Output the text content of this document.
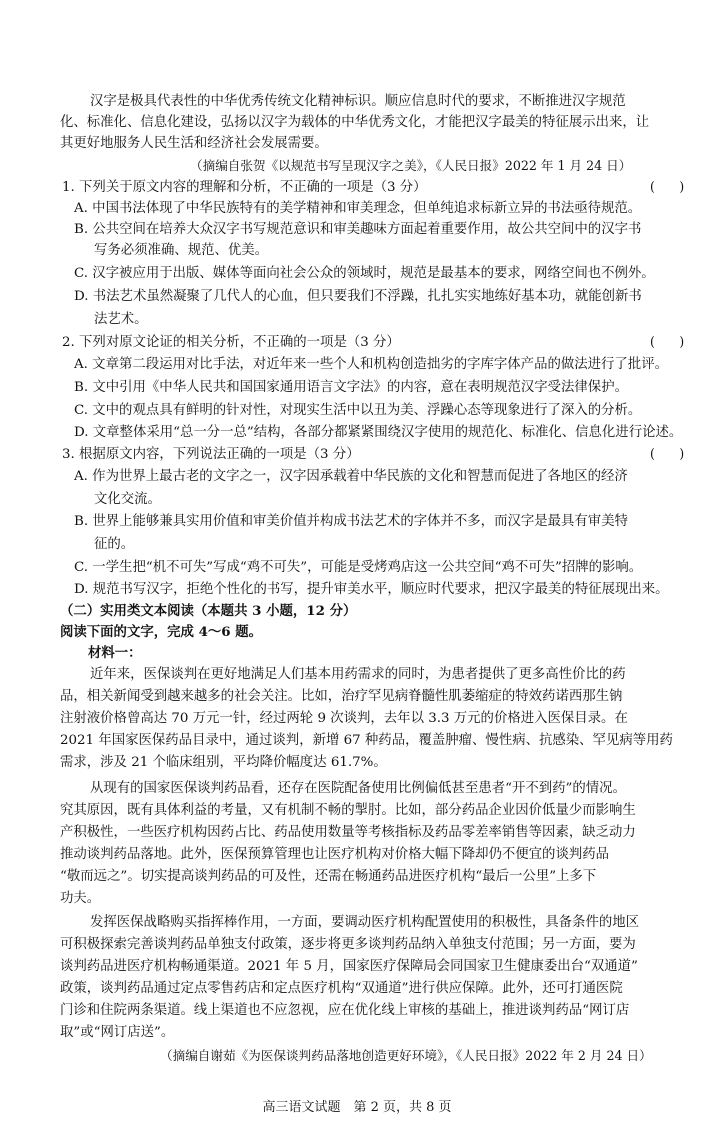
汉字是极具代表性的中华优秀传统文化精神标识。顺应信息时代的要求，不断推进汉字规范
化、标准化、信息化建设，弘扬以汉字为载体的中华优秀文化，才能把汉字最美的特征展示出来，让
其更好地服务人民生活和经济社会发展需要。
（摘编自张贺《以规范书写呈现汉字之美》，《人民日报》2022 年 1 月 24 日）
1. 下列关于原文内容的理解和分析，不正确的一项是（3 分）	(　　)
A. 中国书法体现了中华民族特有的美学精神和审美理念，但单纯追求标新立异的书法亟待规范。
B. 公共空间在培养大众汉字书写规范意识和审美趣味方面起着重要作用，故公共空间中的汉字书
写务必须准确、规范、优美。
C. 汉字被应用于出版、媒体等面向社会公众的领域时，规范是最基本的要求，网络空间也不例外。
D. 书法艺术虽然凝聚了几代人的心血，但只要我们不浮躁，扎扎实实地练好基本功，就能创新书
法艺术。
2. 下列对原文论证的相关分析，不正确的一项是（3 分）	(　　)
A. 文章第二段运用对比手法，对近年来一些个人和机构创造拙劣的字库字体产品的做法进行了批评。
B. 文中引用《中华人民共和国国家通用语言文字法》的内容，意在表明规范汉字受法律保护。
C. 文中的观点具有鲜明的针对性，对现实生活中以丑为美、浮躁心态等现象进行了深入的分析。
D. 文章整体采用“总一分一总”结构，各部分都紧紧围绕汉字使用的规范化、标准化、信息化进行论述。
3. 根据原文内容，下列说法正确的一项是（3 分）	(　　)
A. 作为世界上最古老的文字之一，汉字因承载着中华民族的文化和智慧而促进了各地区的经济
文化交流。
B. 世界上能够兼具实用价值和审美价值并构成书法艺术的字体并不多，而汉字是最具有审美特
征的。
C. 一学生把“机不可失”写成“鸡不可失”，可能是受烤鸡店这一公共空间“鸡不可失”招牌的影响。
D. 规范书写汉字，拒绝个性化的书写，提升审美水平，顺应时代要求，把汉字最美的特征展现出来。
（二）实用类文本阅读（本题共 3 小题，12 分）
阅读下面的文字，完成 4～6 题。
材料一：
近年来，医保谈判在更好地满足人们基本用药需求的同时，为患者提供了更多高性价比的药
品，相关新闻受到越来越多的社会关注。比如，治疗罕见病脊髓性肌萎缩症的特效药诺西那生钠
注射液价格曾高达 70 万元一针，经过两轮 9 次谈判，去年以 3.3 万元的价格进入医保目录。在
2021 年国家医保药品目录中，通过谈判，新增 67 种药品，覆盖肿瘤、慢性病、抗感染、罕见病等用药
需求，涉及 21 个临床组别，平均降价幅度达 61.7%。
从现有的国家医保谈判药品看，还存在医院配备使用比例偏低甚至患者“开不到药”的情况。
究其原因，既有具体利益的考量，又有机制不畅的掣肘。比如，部分药品企业因价低量少而影响生
产积极性，一些医疗机构因药占比、药品使用数量等考核指标及药品零差率销售等因素，缺乏动力
推动谈判药品落地。此外，医保预算管理也让医疗机构对价格大幅下降却仍不便宜的谈判药品
“敬而远之”。切实提高谈判药品的可及性，还需在畅通药品进医疗机构“最后一公里”上多下
功夫。
发挥医保战略购买指挥棒作用，一方面，要调动医疗机构配置使用的积极性，具备条件的地区
可积极探索完善谈判药品单独支付政策，逐步将更多谈判药品纳入单独支付范围；另一方面，要为
谈判药品进医疗机构畅通渠道。2021 年 5 月，国家医疗保障局会同国家卫生健康委出台“双通道”
政策，谈判药品通过定点零售药店和定点医疗机构“双通道”进行供应保障。此外，还可打通医院
门诊和住院两条渠道。线上渠道也不应忽视，应在优化线上审核的基础上，推进谈判药品“网订店
取”或“网订店送”。
（摘编自谢茹《为医保谈判药品落地创造更好环境》，《人民日报》2022 年 2 月 24 日）
高三语文试题　第 2 页，共 8 页
